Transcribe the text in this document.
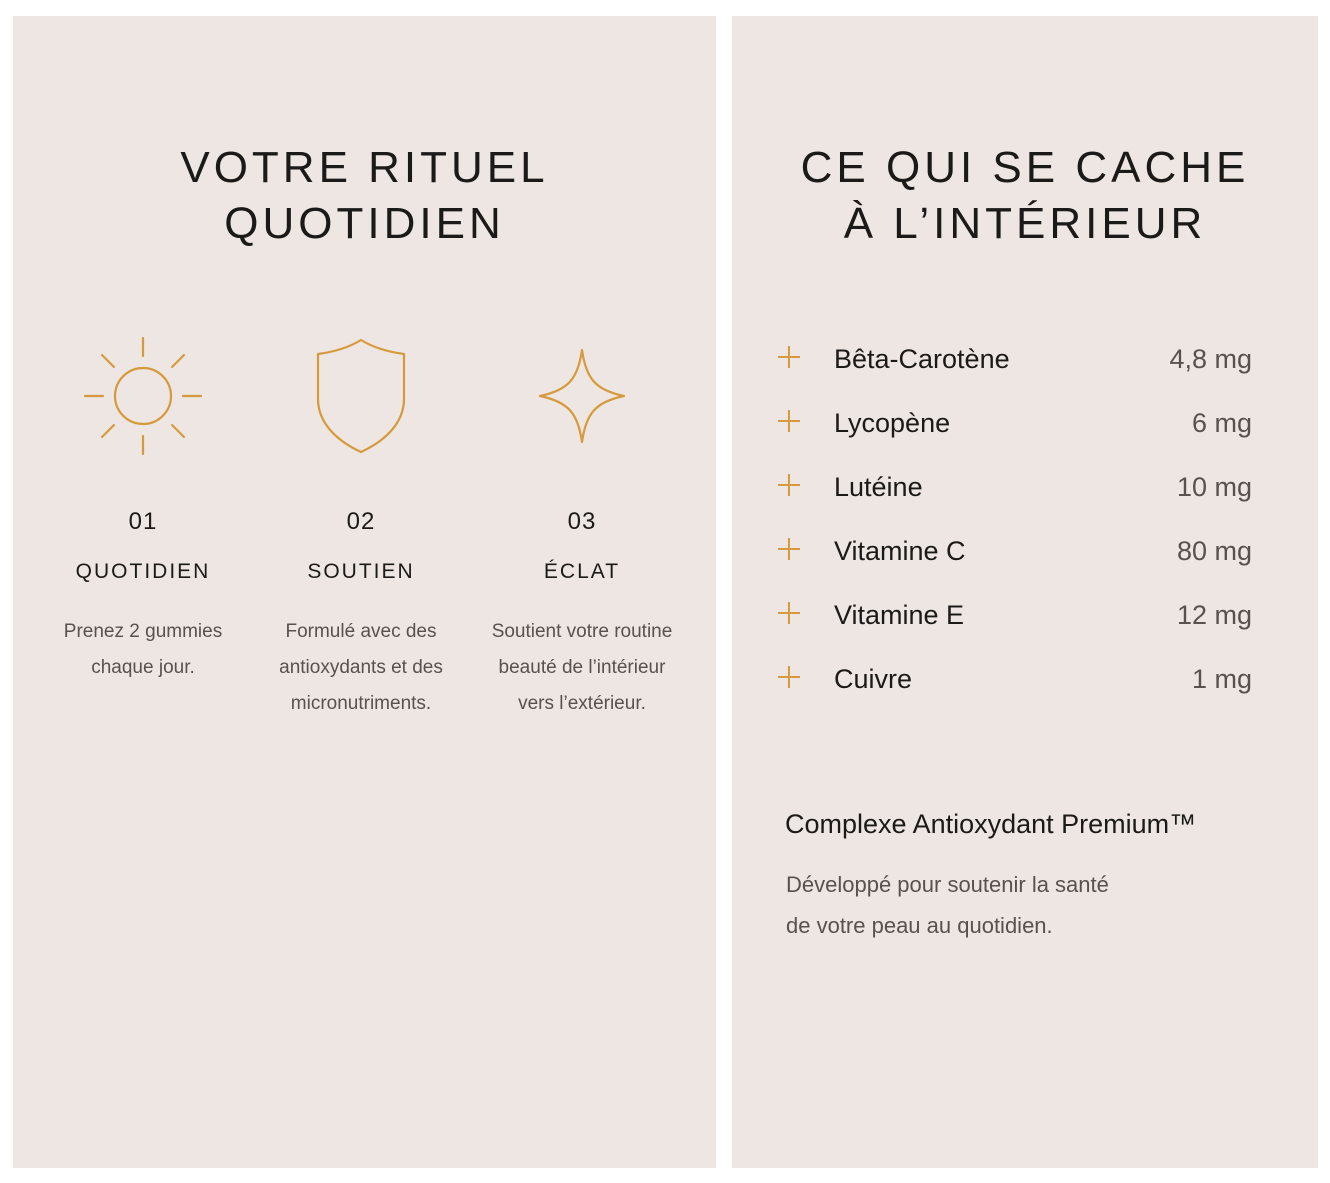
VOTRE RITUEL
QUOTIDIEN
01
QUOTIDIEN
Prenez 2 gummies
chaque jour.
02
SOUTIEN
Formulé avec des
antioxydants et des
micronutriments.
03
ÉCLAT
Soutient votre routine
beauté de l’intérieur
vers l’extérieur.
CE QUI SE CACHE
À L’INTÉRIEUR
Bêta-Carotène	4,8 mg
Lycopène	6 mg
Lutéine	10 mg
Vitamine C	80 mg
Vitamine E	12 mg
Cuivre	1 mg
Complexe Antioxydant Premium™
Développé pour soutenir la santé
de votre peau au quotidien.
